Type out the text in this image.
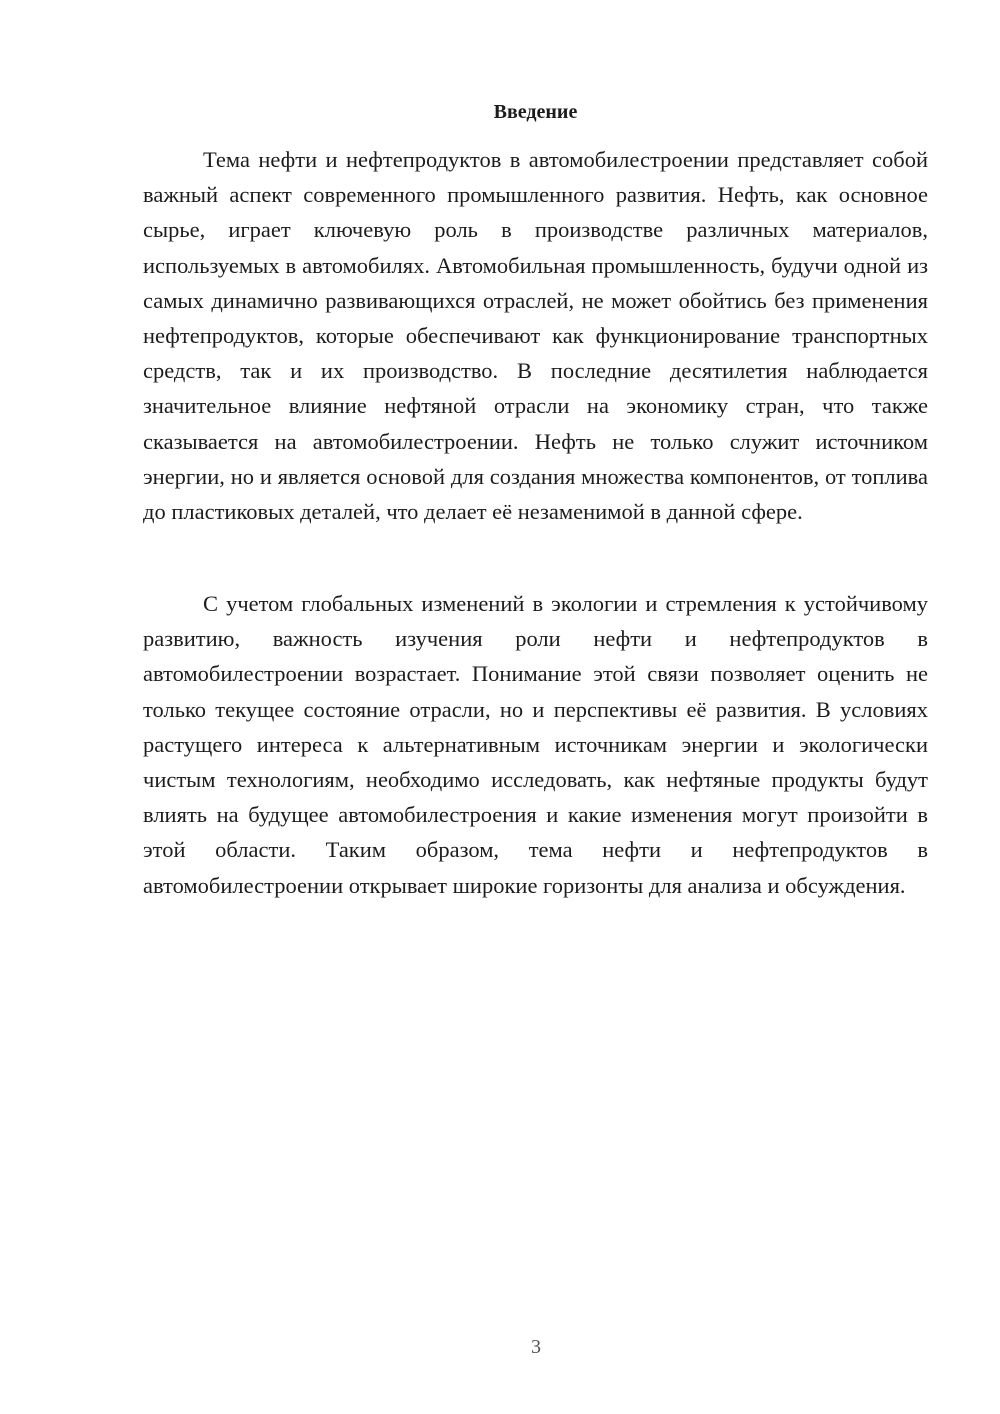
Введение

Тема нефти и нефтепродуктов в автомобилестроении представляет собой важный аспект современного промышленного развития. Нефть, как основное сырье, играет ключевую роль в производстве различных материалов, используемых в автомобилях. Автомобильная промышленность, будучи одной из самых динамично развивающихся отраслей, не может обойтись без применения нефтепродуктов, которые обеспечивают как функционирование транспортных средств, так и их производство. В последние десятилетия наблюдается значительное влияние нефтяной отрасли на экономику стран, что также сказывается на автомобилестроении. Нефть не только служит источником энергии, но и является основой для создания множества компонентов, от топлива до пластиковых деталей, что делает её незаменимой в данной сфере.

С учетом глобальных изменений в экологии и стремления к устойчивому развитию, важность изучения роли нефти и нефтепродуктов в автомобилестроении возрастает. Понимание этой связи позволяет оценить не только текущее состояние отрасли, но и перспективы её развития. В условиях растущего интереса к альтернативным источникам энергии и экологически чистым технологиям, необходимо исследовать, как нефтяные продукты будут влиять на будущее автомобилестроения и какие изменения могут произойти в этой области. Таким образом, тема нефти и нефтепродуктов в автомобилестроении открывает широкие горизонты для анализа и обсуждения.

3
